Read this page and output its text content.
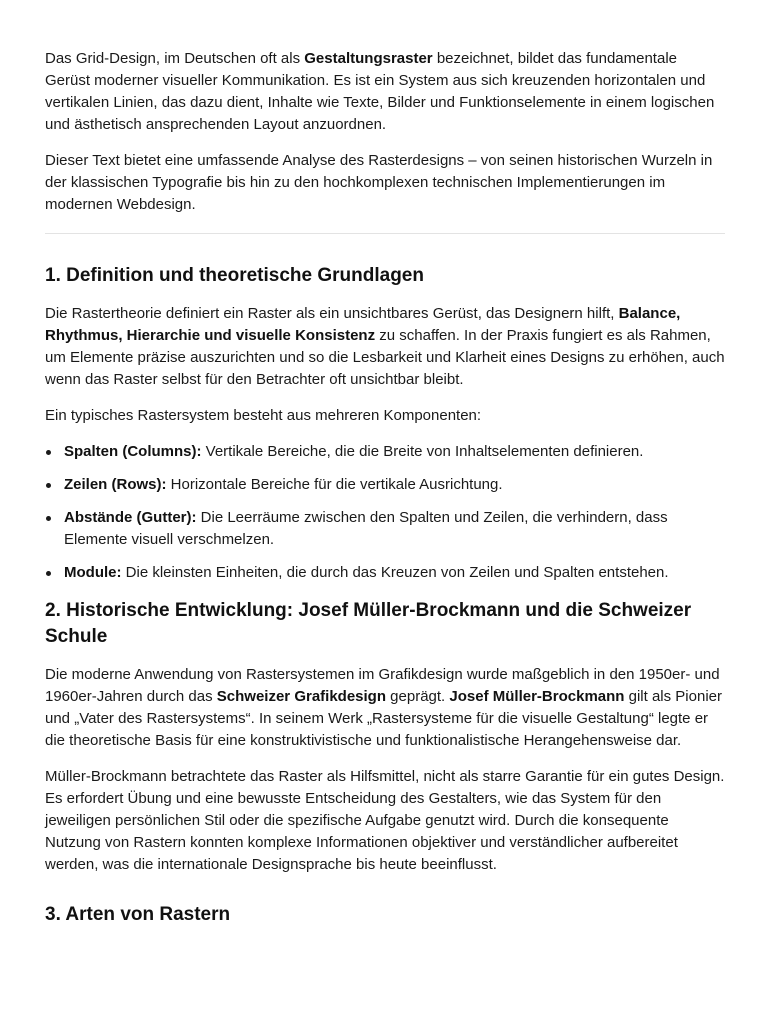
Das Grid-Design, im Deutschen oft als Gestaltungsraster bezeichnet, bildet das fundamentale Gerüst moderner visueller Kommunikation. Es ist ein System aus sich kreuzenden horizontalen und vertikalen Linien, das dazu dient, Inhalte wie Texte, Bilder und Funktionselemente in einem logischen und ästhetisch ansprechenden Layout anzuordnen.

Dieser Text bietet eine umfassende Analyse des Rasterdesigns – von seinen historischen Wurzeln in der klassischen Typografie bis hin zu den hochkomplexen technischen Implementierungen im modernen Webdesign.

1. Definition und theoretische Grundlagen

Die Rastertheorie definiert ein Raster als ein unsichtbares Gerüst, das Designern hilft, Balance, Rhythmus, Hierarchie und visuelle Konsistenz zu schaffen. In der Praxis fungiert es als Rahmen, um Elemente präzise auszurichten und so die Lesbarkeit und Klarheit eines Designs zu erhöhen, auch wenn das Raster selbst für den Betrachter oft unsichtbar bleibt.

Ein typisches Rastersystem besteht aus mehreren Komponenten:

Spalten (Columns): Vertikale Bereiche, die die Breite von Inhaltselementen definieren.
Zeilen (Rows): Horizontale Bereiche für die vertikale Ausrichtung.
Abstände (Gutter): Die Leerräume zwischen den Spalten und Zeilen, die verhindern, dass Elemente visuell verschmelzen.
Module: Die kleinsten Einheiten, die durch das Kreuzen von Zeilen und Spalten entstehen.
2. Historische Entwicklung: Josef Müller-Brockmann und die Schweizer Schule

Die moderne Anwendung von Rastersystemen im Grafikdesign wurde maßgeblich in den 1950er- und 1960er-Jahren durch das Schweizer Grafikdesign geprägt. Josef Müller-Brockmann gilt als Pionier und „Vater des Rastersystems“. In seinem Werk „Rastersysteme für die visuelle Gestaltung“ legte er die theoretische Basis für eine konstruktivistische und funktionalistische Herangehensweise dar.

Müller-Brockmann betrachtete das Raster als Hilfsmittel, nicht als starre Garantie für ein gutes Design. Es erfordert Übung und eine bewusste Entscheidung des Gestalters, wie das System für den jeweiligen persönlichen Stil oder die spezifische Aufgabe genutzt wird. Durch die konsequente Nutzung von Rastern konnten komplexe Informationen objektiver und verständlicher aufbereitet werden, was die internationale Designsprache bis heute beeinflusst.

3. Arten von Rastern
